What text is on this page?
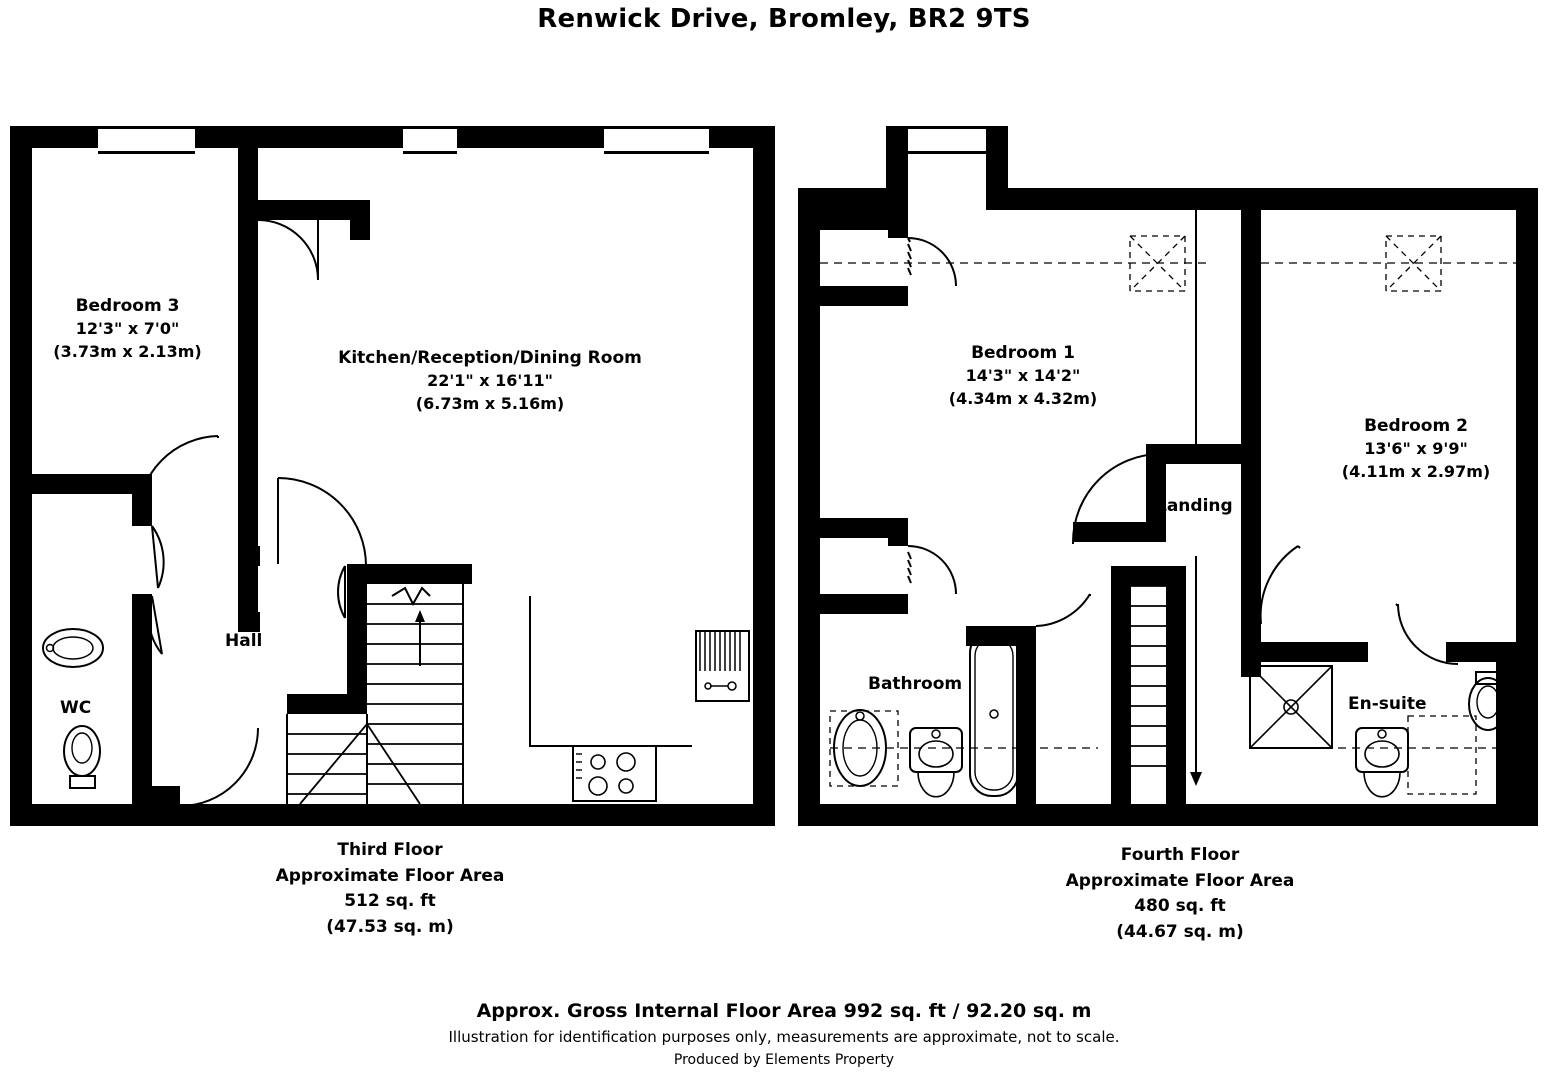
Renwick Drive, Bromley, BR2 9TS
Bedroom 3
12'3" x 7'0"
(3.73m x 2.13m)	Kitchen/Reception/Dining Room
22'1" x 16'11"
(6.73m x 5.16m)
Hall
WC
Third Floor
Approximate Floor Area
512 sq. ft
(47.53 sq. m)
Bedroom 1
14'3" x 14'2"
(4.34m x 4.32m)
Bedroom 2
13'6" x 9'9"
(4.11m x 2.97m)
Landing
Bathroom
En-suite
Fourth Floor
Approximate Floor Area
480 sq. ft
(44.67 sq. m)
Approx. Gross Internal Floor Area 992 sq. ft / 92.20 sq. m
Illustration for identification purposes only, measurements are approximate, not to scale.
Produced by Elements Property
